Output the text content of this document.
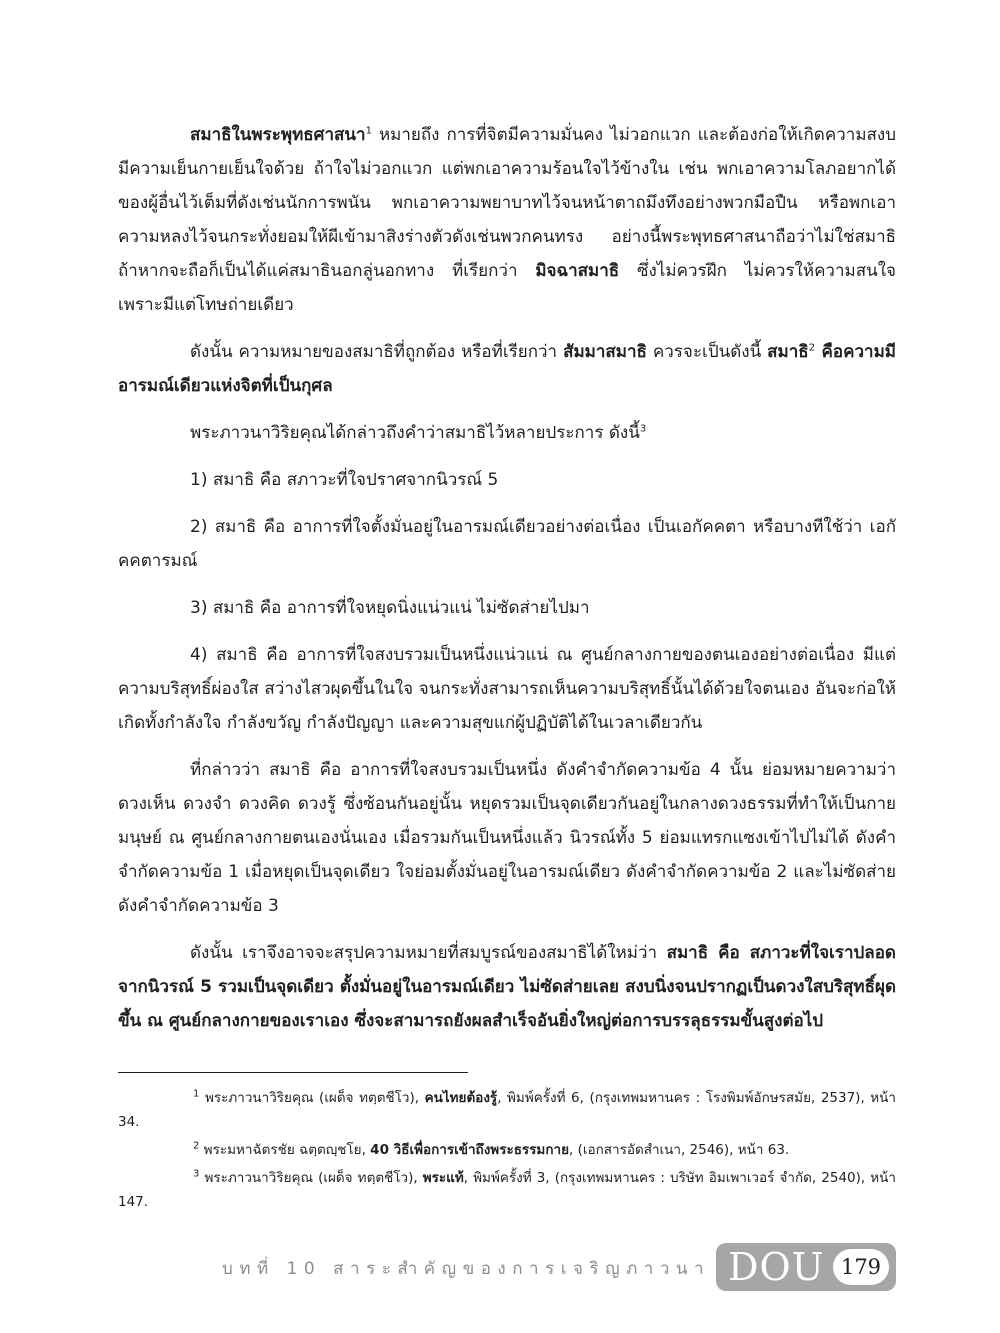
สมาธิในพระพุทธศาสนา$^1$ หมายถึง การที่จิตมีความมั่นคง ไม่วอกแวก และต้องก่อให้เกิดความสงบ มีความเย็นกายเย็นใจด้วย ถ้าใจไม่วอกแวก แต่พกเอาความร้อนใจไว้ข้างใน เช่น พกเอาความโลภอยากได้ของผู้อื่นไว้เต็มที่ดังเช่นนักการพนัน พกเอาความพยาบาทไว้จนหน้าตาถมึงทึงอย่างพวกมือปืน หรือพกเอาความหลงไว้จนกระทั่งยอมให้ผีเข้ามาสิงร่างตัวดังเช่นพวกคนทรง อย่างนี้พระพุทธศาสนาถือว่าไม่ใช่สมาธิ ถ้าหากจะถือก็เป็นได้แค่สมาธินอกลู่นอกทาง ที่เรียกว่า มิจฉาสมาธิ ซึ่งไม่ควรฝึก ไม่ควรให้ความสนใจ เพราะมีแต่โทษถ่ายเดียว

ดังนั้น ความหมายของสมาธิที่ถูกต้อง หรือที่เรียกว่า สัมมาสมาธิ ควรจะเป็นดังนี้ สมาธิ$^2$ คือความมีอารมณ์เดียวแห่งจิตที่เป็นกุศล

พระภาวนาวิริยคุณได้กล่าวถึงคำว่าสมาธิไว้หลายประการ ดังนี้$^3$

1) สมาธิ คือ สภาวะที่ใจปราศจากนิวรณ์ 5

2) สมาธิ คือ อาการที่ใจตั้งมั่นอยู่ในอารมณ์เดียวอย่างต่อเนื่อง เป็นเอกัคคตา หรือบางทีใช้ว่า เอกัคคตารมณ์

3) สมาธิ คือ อาการที่ใจหยุดนิ่งแน่วแน่ ไม่ซัดส่ายไปมา

4) สมาธิ คือ อาการที่ใจสงบรวมเป็นหนึ่งแน่วแน่ ณ ศูนย์กลางกายของตนเองอย่างต่อเนื่อง มีแต่ความบริสุทธิ์ผ่องใส สว่างไสวผุดขึ้นในใจ จนกระทั่งสามารถเห็นความบริสุทธิ์นั้นได้ด้วยใจตนเอง อันจะก่อให้เกิดทั้งกำลังใจ กำลังขวัญ กำลังปัญญา และความสุขแก่ผู้ปฏิบัติได้ในเวลาเดียวกัน

ที่กล่าวว่า สมาธิ คือ อาการที่ใจสงบรวมเป็นหนึ่ง ดังคำจำกัดความข้อ 4 นั้น ย่อมหมายความว่า ดวงเห็น ดวงจำ ดวงคิด ดวงรู้ ซึ่งซ้อนกันอยู่นั้น หยุดรวมเป็นจุดเดียวกันอยู่ในกลางดวงธรรมที่ทำให้เป็นกายมนุษย์ ณ ศูนย์กลางกายตนเองนั่นเอง เมื่อรวมกันเป็นหนึ่งแล้ว นิวรณ์ทั้ง 5 ย่อมแทรกแซงเข้าไปไม่ได้ ดังคำจำกัดความข้อ 1 เมื่อหยุดเป็นจุดเดียว ใจย่อมตั้งมั่นอยู่ในอารมณ์เดียว ดังคำจำกัดความข้อ 2 และไม่ซัดส่าย ดังคำจำกัดความข้อ 3

ดังนั้น เราจึงอาจจะสรุปความหมายที่สมบูรณ์ของสมาธิได้ใหม่ว่า สมาธิ คือ สภาวะที่ใจเราปลอดจากนิวรณ์ 5 รวมเป็นจุดเดียว ตั้งมั่นอยู่ในอารมณ์เดียว ไม่ซัดส่ายเลย สงบนิ่งจนปรากฏเป็นดวงใสบริสุทธิ์ผุดขึ้น ณ ศูนย์กลางกายของเราเอง ซึ่งจะสามารถยังผลสำเร็จอันยิ่งใหญ่ต่อการบรรลุธรรมขั้นสูงต่อไป

$^1$ พระภาวนาวิริยคุณ (เผด็จ ทตฺตชีโว), คนไทยต้องรู้, พิมพ์ครั้งที่ 6, (กรุงเทพมหานคร : โรงพิมพ์อักษรสมัย, 2537), หน้า 34.

$^2$ พระมหาฉัตรชัย ฉตฺตญฺชโย, 40 วิธีเพื่อการเข้าถึงพระธรรมกาย, (เอกสารอัดสำเนา, 2546), หน้า 63.

$^3$ พระภาวนาวิริยคุณ (เผด็จ ทตฺตชีโว), พระแท้, พิมพ์ครั้งที่ 3, (กรุงเทพมหานคร : บริษัท อิมเพาเวอร์ จำกัด, 2540), หน้า 147.

บทที่ 10 สาระสำคัญของการเจริญภาวนา DOU 179
